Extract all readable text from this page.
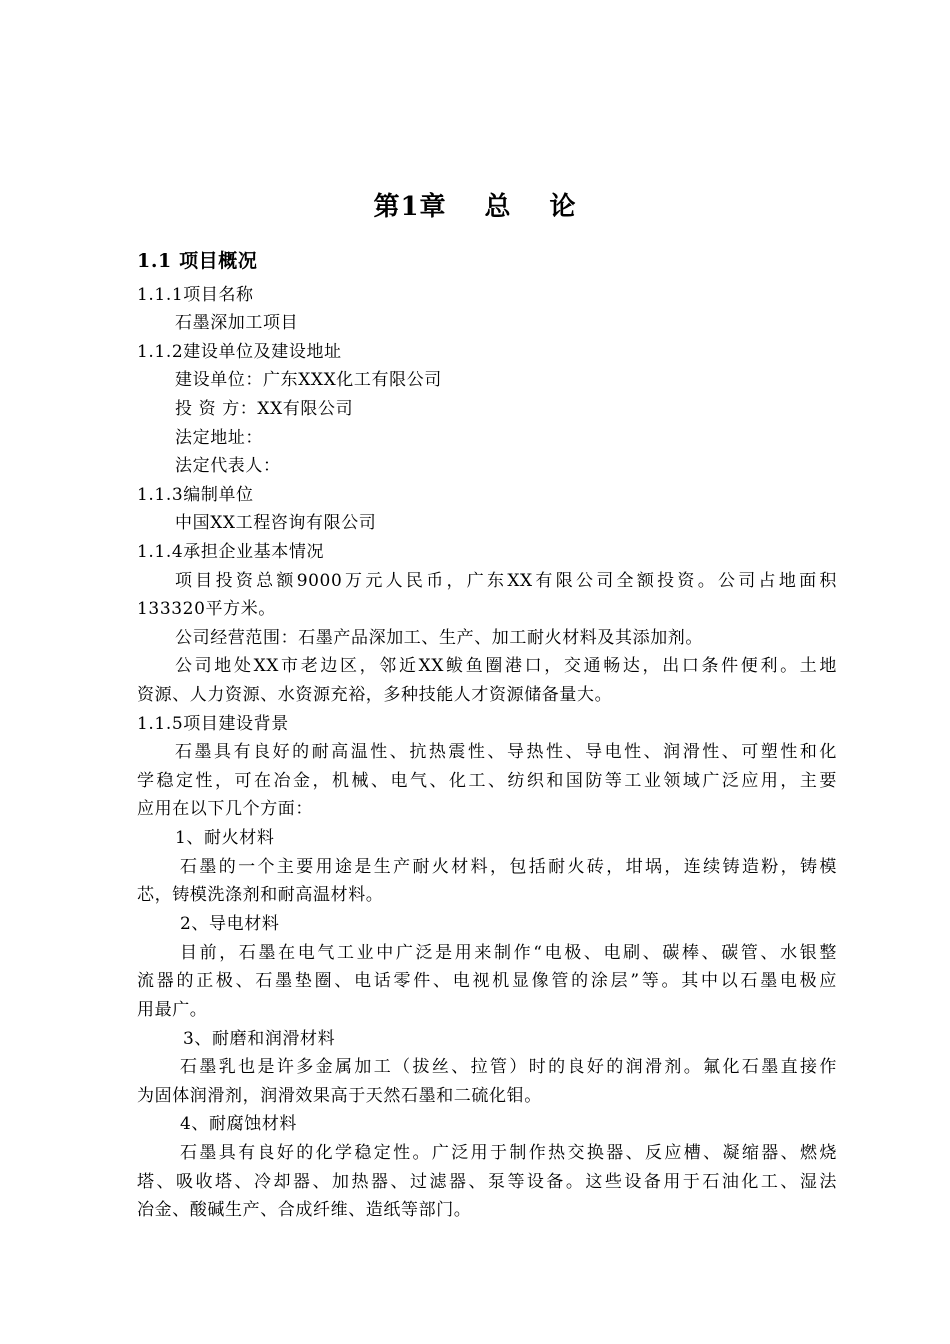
第1章 总 论
1.1 项目概况
1.1.1项目名称
石墨深加工项目
1.1.2建设单位及建设地址
建设单位：广东XXX化工有限公司
投 资 方：XX有限公司
法定地址：
法定代表人：
1.1.3编制单位
中国XX工程咨询有限公司
1.1.4承担企业基本情况
项目投资总额9000万元人民币，广东XX有限公司全额投资。公司占地面积
133320平方米。
公司经营范围：石墨产品深加工、生产、加工耐火材料及其添加剂。
公司地处XX市老边区，邻近XX鲅鱼圈港口，交通畅达，出口条件便利。土地
资源、人力资源、水资源充裕，多种技能人才资源储备量大。
1.1.5项目建设背景
石墨具有良好的耐高温性、抗热震性、导热性、导电性、润滑性、可塑性和化
学稳定性，可在冶金，机械、电气、化工、纺织和国防等工业领域广泛应用，主要
应用在以下几个方面：
1、耐火材料
石墨的一个主要用途是生产耐火材料，包括耐火砖，坩埚，连续铸造粉，铸模
芯，铸模洗涤剂和耐高温材料。
2、导电材料
目前，石墨在电气工业中广泛是用来制作“电极、电刷、碳棒、碳管、水银整
流器的正极、石墨垫圈、电话零件、电视机显像管的涂层”等。其中以石墨电极应
用最广。
3、耐磨和润滑材料
石墨乳也是许多金属加工（拔丝、拉管）时的良好的润滑剂。氟化石墨直接作
为固体润滑剂，润滑效果高于天然石墨和二硫化钼。
4、耐腐蚀材料
石墨具有良好的化学稳定性。广泛用于制作热交换器、反应槽、凝缩器、燃烧
塔、吸收塔、冷却器、加热器、过滤器、泵等设备。这些设备用于石油化工、湿法
冶金、酸碱生产、合成纤维、造纸等部门。
